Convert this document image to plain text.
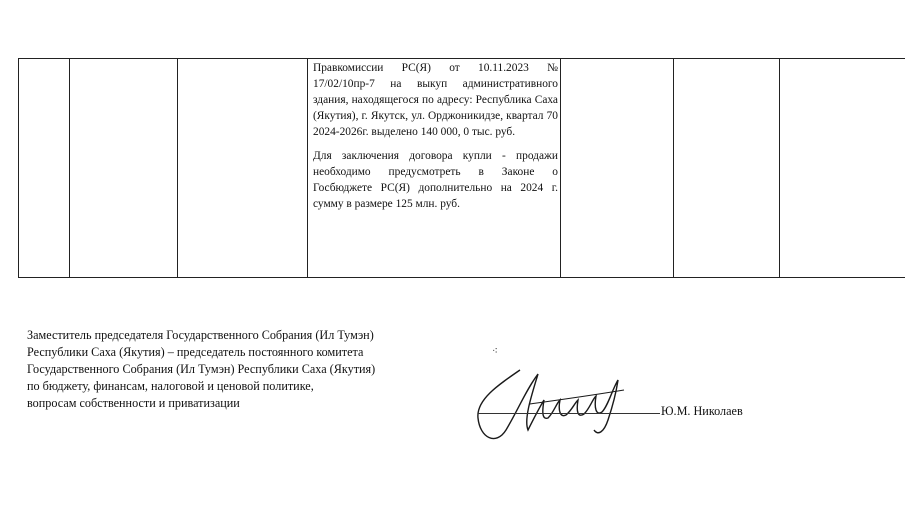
Правкомиссии РС(Я) от 10.11.2023 № 17/02/10пр-7 на выкуп административного здания, находящегося по адресу: Республика Саха (Якутия), г. Якутск, ул. Орджоникидзе, квартал 70 2024-2026г. выделено 140 000, 0 тыс. руб.

Для заключения договора купли - продажи необходимо предусмотреть в Законе о Госбюджете РС(Я) дополнительно на 2024 г. сумму в размере 125 млн. руб.

Заместитель председателя Государственного Собрания (Ил Тумэн)
Республики Саха (Якутия) – председатель постоянного комитета
Государственного Собрания (Ил Тумэн) Республики Саха (Якутия)
по бюджету, финансам, налоговой и ценовой политике,
вопросам собственности и приватизации
⁖
Ю.М. Николаев
